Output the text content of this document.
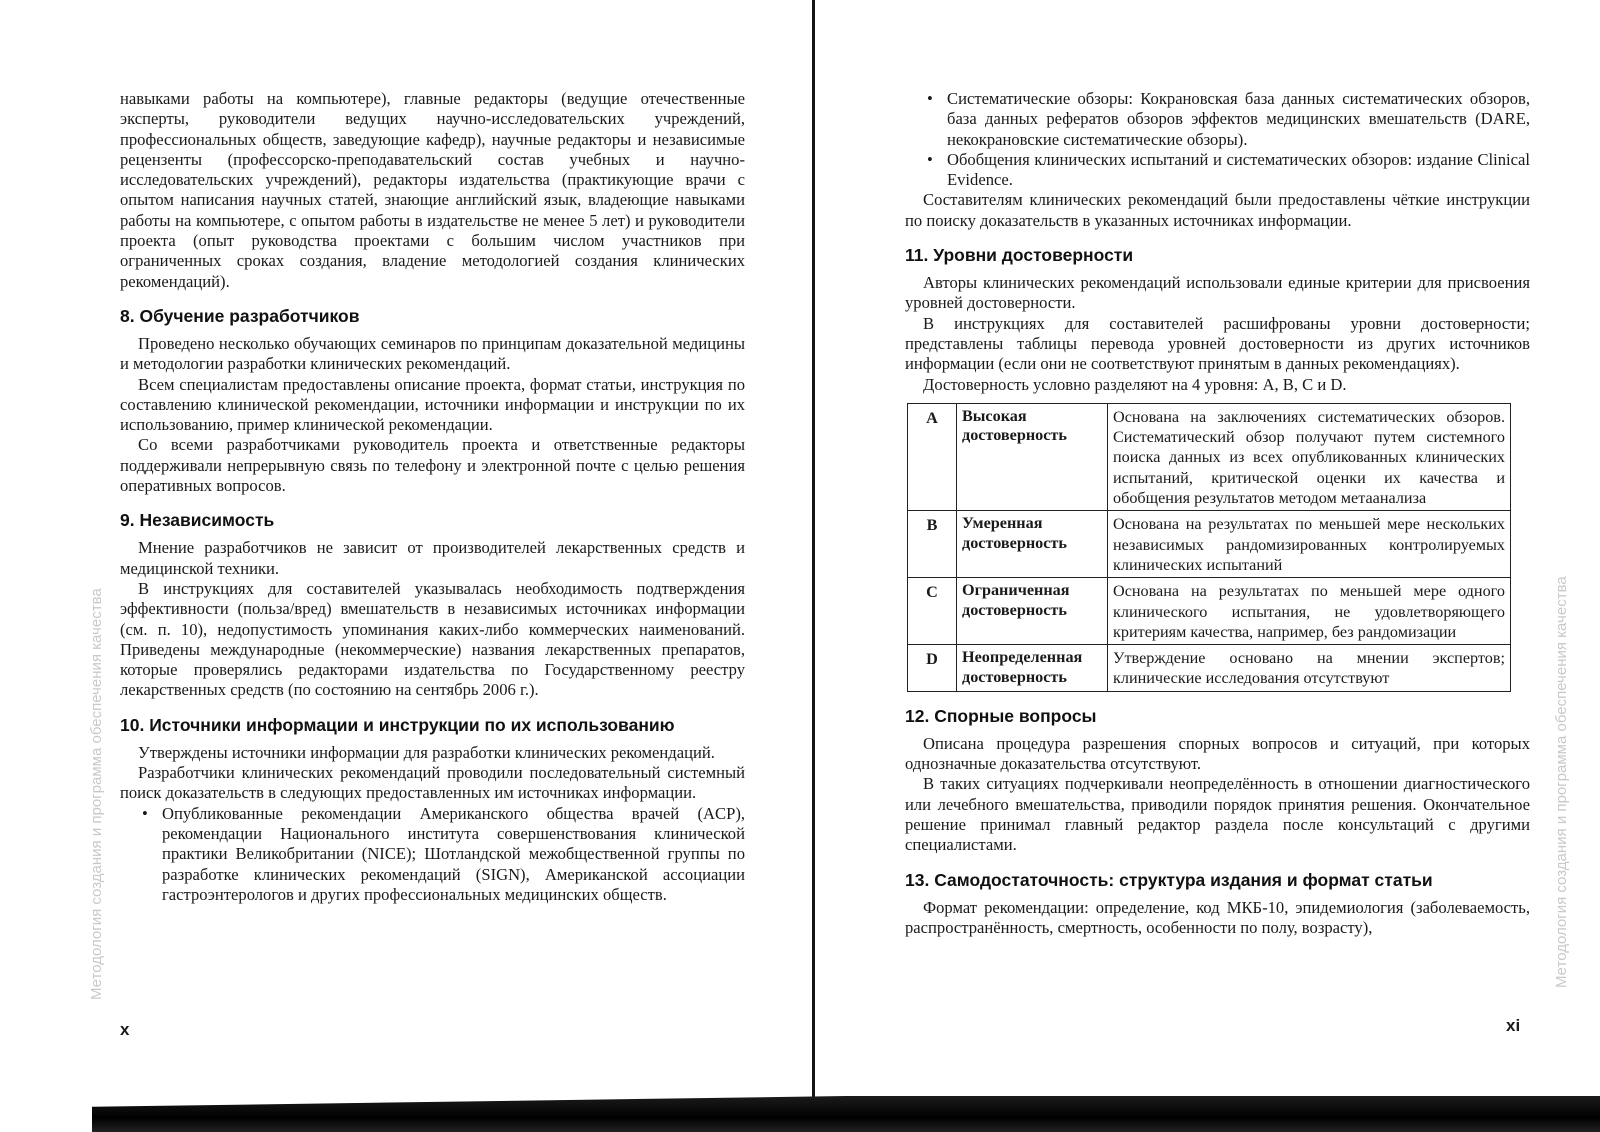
Методология создания и программа обеспечения качества

навыками работы на компьютере), главные редакторы (ведущие отечественные эксперты, руководители ведущих научно-исследовательских учреждений, профессиональных обществ, заведующие кафедр), научные редакторы и независимые рецензенты (профессорско-преподавательский состав учебных и научно-исследовательских учреждений), редакторы издательства (практикующие врачи с опытом написания научных статей, знающие английский язык, владеющие навыками работы на компьютере, с опытом работы в издательстве не менее 5 лет) и руководители проекта (опыт руководства проектами с большим числом участников при ограниченных сроках создания, владение методологией создания клинических рекомендаций).

8. Обучение разработчиков

Проведено несколько обучающих семинаров по принципам доказательной медицины и методологии разработки клинических рекомендаций.

Всем специалистам предоставлены описание проекта, формат статьи, инструкция по составлению клинической рекомендации, источники информации и инструкции по их использованию, пример клинической рекомендации.

Со всеми разработчиками руководитель проекта и ответственные редакторы поддерживали непрерывную связь по телефону и электронной почте с целью решения оперативных вопросов.

9. Независимость

Мнение разработчиков не зависит от производителей лекарственных средств и медицинской техники.

В инструкциях для составителей указывалась необходимость подтверждения эффективности (польза/вред) вмешательств в независимых источниках информации (см. п. 10), недопустимость упоминания каких-либо коммерческих наименований. Приведены международные (некоммерческие) названия лекарственных препаратов, которые проверялись редакторами издательства по Государственному реестру лекарственных средств (по состоянию на сентябрь 2006 г.).

10. Источники информации и инструкции по их использованию

Утверждены источники информации для разработки клинических рекомендаций.

Разработчики клинических рекомендаций проводили последовательный системный поиск доказательств в следующих предоставленных им источниках информации.

• Опубликованные рекомендации Американского общества врачей (ACP), рекомендации Национального института совершенствования клинической практики Великобритании (NICE); Шотландской межобщественной группы по разработке клинических рекомендаций (SIGN), Американской ассоциации гастроэнтерологов и других профессиональных медицинских обществ.
x
Методология создания и программа обеспечения качества
• Систематические обзоры: Кокрановская база данных систематических обзоров, база данных рефератов обзоров эффектов медицинских вмешательств (DARE, некокрановские систематические обзоры).
• Обобщения клинических испытаний и систематических обзоров: издание Clinical Evidence.

Составителям клинических рекомендаций были предоставлены чёткие инструкции по поиску доказательств в указанных источниках информации.

11. Уровни достоверности

Авторы клинических рекомендаций использовали единые критерии для присвоения уровней достоверности.

В инструкциях для составителей расшифрованы уровни достоверности; представлены таблицы перевода уровней достоверности из других источников информации (если они не соответствуют принятым в данных рекомендациях).

Достоверность условно разделяют на 4 уровня: A, B, C и D.

A	Высокая достоверность	Основана на заключениях систематических обзоров. Систематический обзор получают путем системного поиска данных из всех опубликованных клинических испытаний, критической оценки их качества и обобщения результатов методом метаанализа
B	Умеренная достоверность	Основана на результатах по меньшей мере нескольких независимых рандомизированных контролируемых клинических испытаний
C	Ограниченная достоверность	Основана на результатах по меньшей мере одного клинического испытания, не удовлетворяющего критериям качества, например, без рандомизации
D	Неопределенная достоверность	Утверждение основано на мнении экспертов; клинические исследования отсутствуют
12. Спорные вопросы

Описана процедура разрешения спорных вопросов и ситуаций, при которых однозначные доказательства отсутствуют.

В таких ситуациях подчеркивали неопределённость в отношении диагностического или лечебного вмешательства, приводили порядок принятия решения. Окончательное решение принимал главный редактор раздела после консультаций с другими специалистами.

13. Самодостаточность: структура издания и формат статьи

Формат рекомендации: определение, код МКБ-10, эпидемиология (заболеваемость, распространённость, смертность, особенности по полу, возрасту),

xi
